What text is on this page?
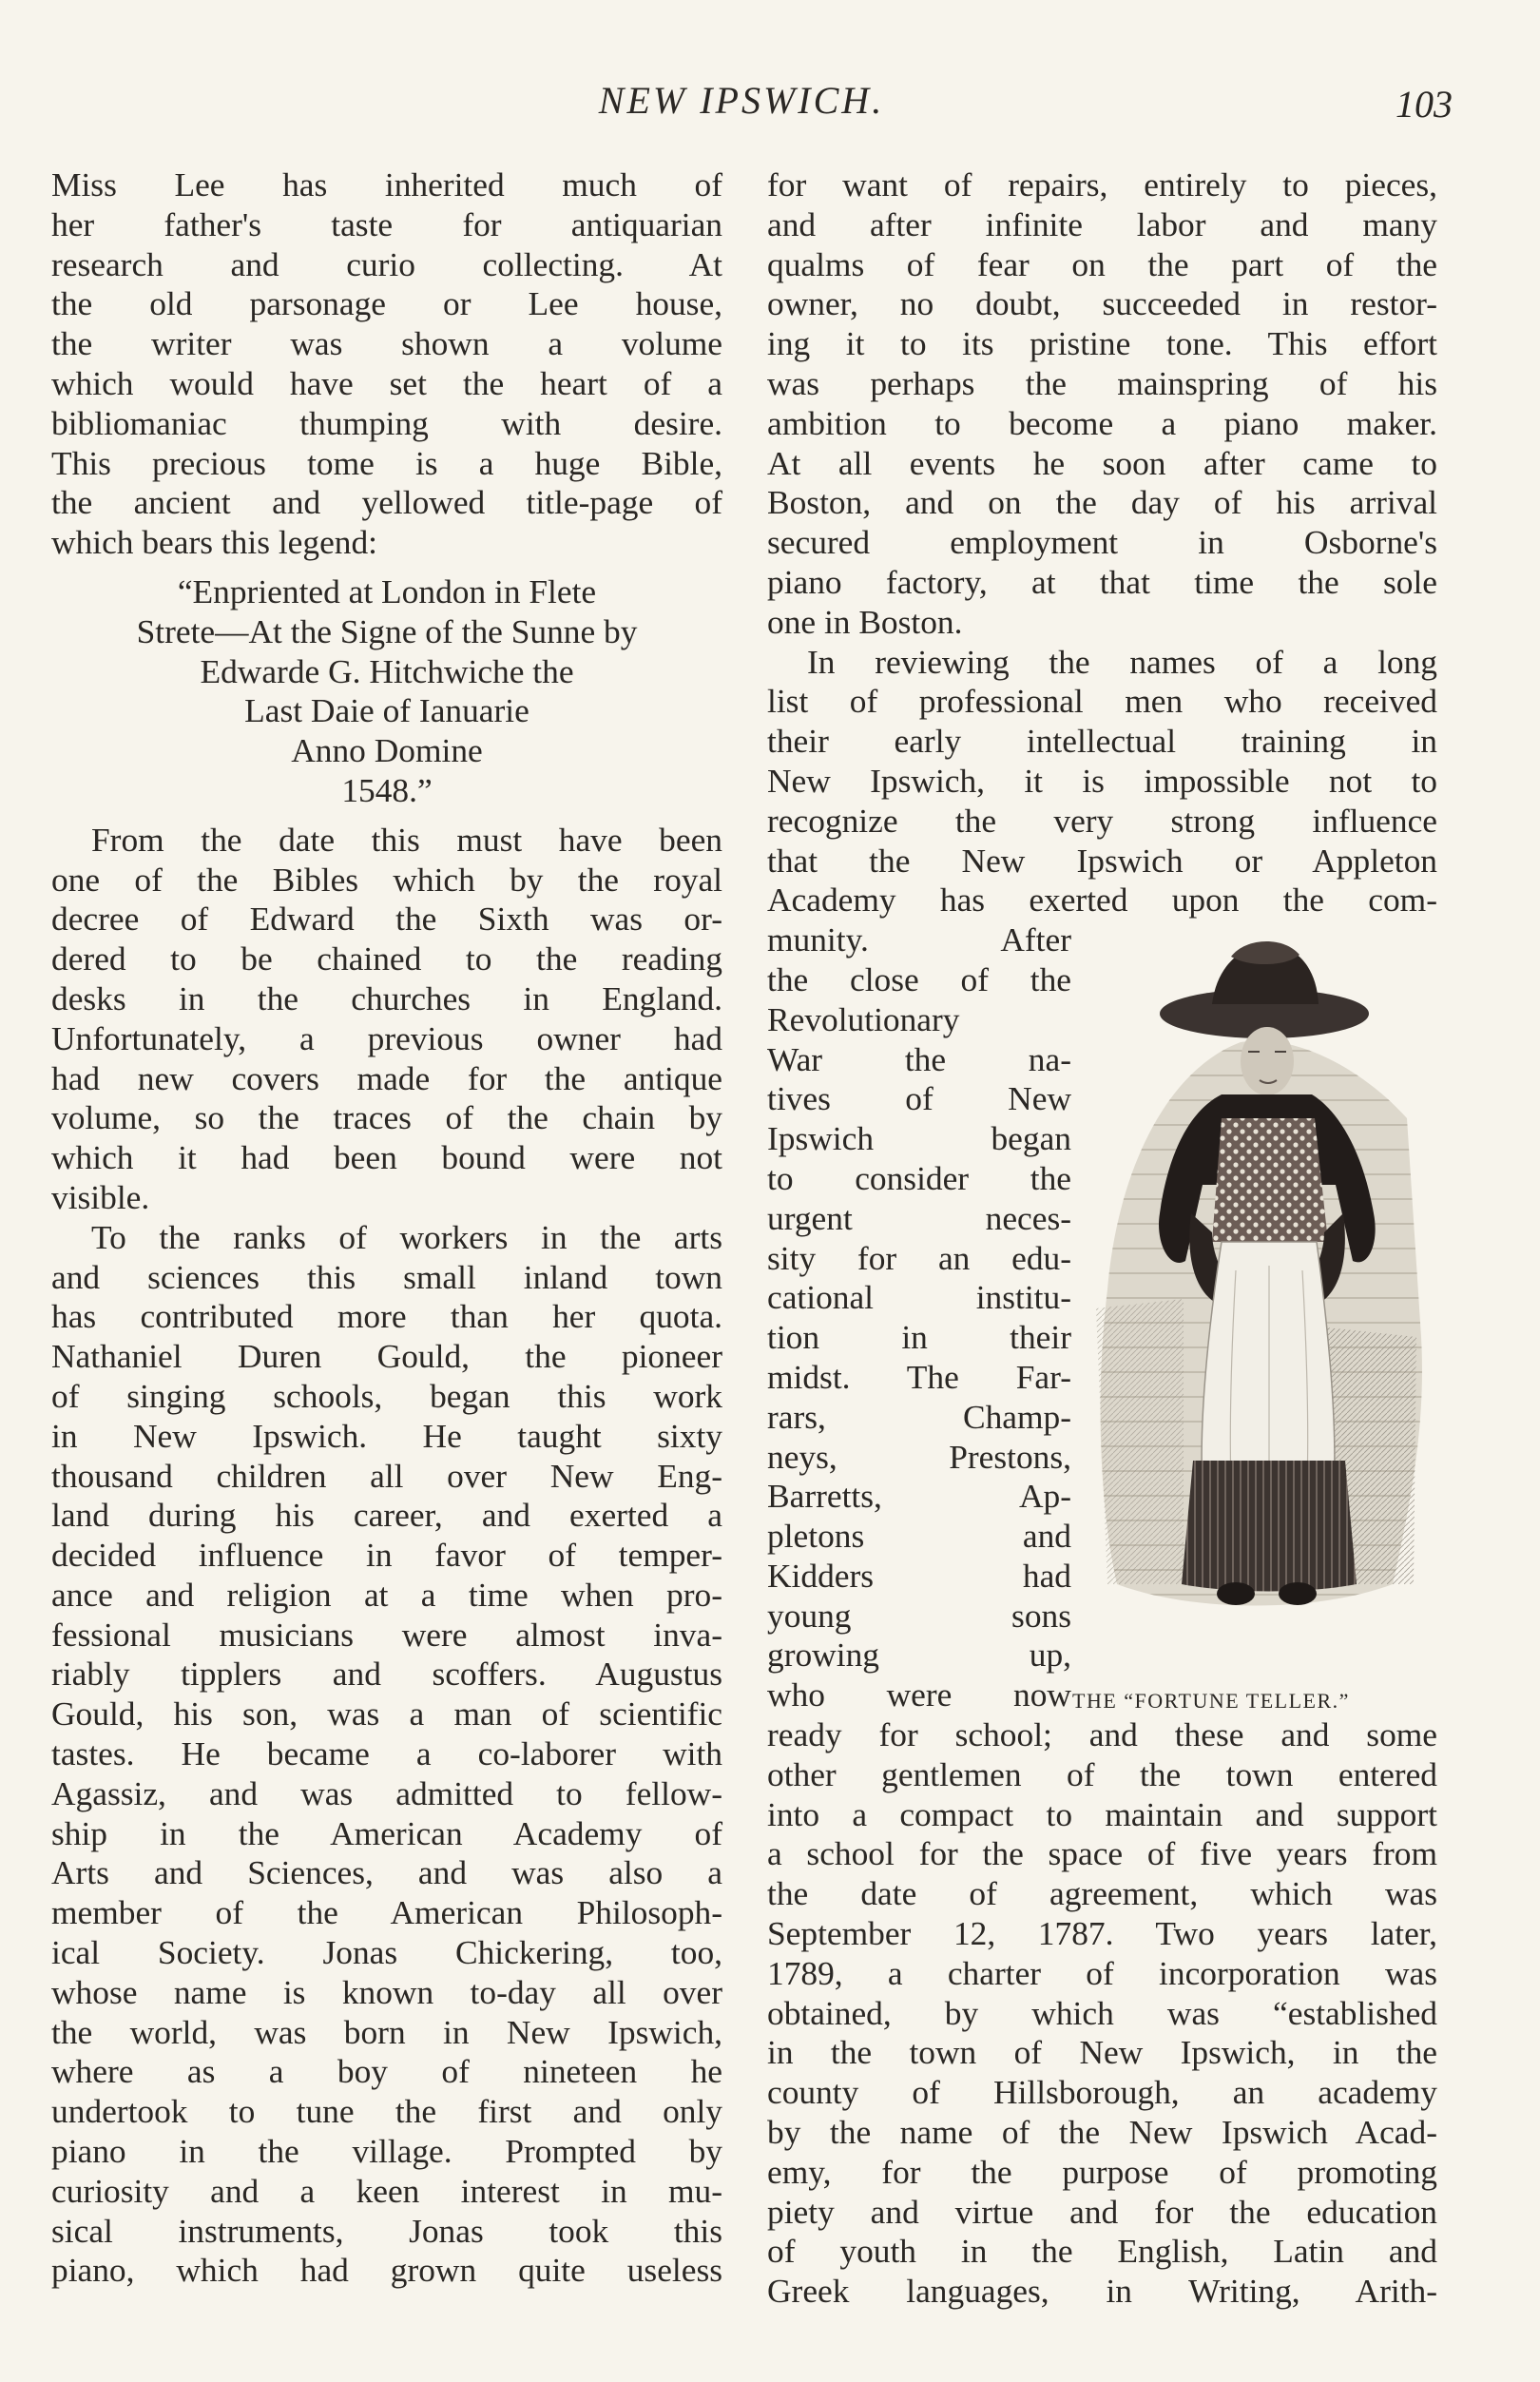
NEW IPSWICH.	103
Miss Lee has inherited much of
her father's taste for antiquarian
research and curio collecting. At
the old parsonage or Lee house,
the writer was shown a volume
which would have set the heart of a
bibliomaniac thumping with desire.
This precious tome is a huge Bible,
the ancient and yellowed title-page of
which bears this legend:
“Enpriented at London in Flete
Strete—At the Signe of the Sunne by
Edwarde G. Hitchwiche the
Last Daie of Ianuarie
Anno Domine
1548.”
From the date this must have been
one of the Bibles which by the royal
decree of Edward the Sixth was or-
dered to be chained to the reading
desks in the churches in England.
Unfortunately, a previous owner had
had new covers made for the antique
volume, so the traces of the chain by
which it had been bound were not
visible.
To the ranks of workers in the arts
and sciences this small inland town
has contributed more than her quota.
Nathaniel Duren Gould, the pioneer
of singing schools, began this work
in New Ipswich. He taught sixty
thousand children all over New Eng-
land during his career, and exerted a
decided influence in favor of temper-
ance and religion at a time when pro-
fessional musicians were almost inva-
riably tipplers and scoffers. Augustus
Gould, his son, was a man of scientific
tastes. He became a co-laborer with
Agassiz, and was admitted to fellow-
ship in the American Academy of
Arts and Sciences, and was also a
member of the American Philosoph-
ical Society. Jonas Chickering, too,
whose name is known to-day all over
the world, was born in New Ipswich,
where as a boy of nineteen he
undertook to tune the first and only
piano in the village. Prompted by
curiosity and a keen interest in mu-
sical instruments, Jonas took this
piano, which had grown quite useless
for want of repairs, entirely to pieces,
and after infinite labor and many
qualms of fear on the part of the
owner, no doubt, succeeded in restor-
ing it to its pristine tone. This effort
was perhaps the mainspring of his
ambition to become a piano maker.
At all events he soon after came to
Boston, and on the day of his arrival
secured employment in Osborne's
piano factory, at that time the sole
one in Boston.
In reviewing the names of a long
list of professional men who received
their early intellectual training in
New Ipswich, it is impossible not to
recognize the very strong influence
that the New Ipswich or Appleton
Academy has exerted upon the com-
munity. After
the close of the
Revolutionary
War the na-
tives of New
Ipswich began
to consider the
urgent neces-
sity for an edu-
cational institu-
tion in their
midst. The Far-
rars, Champ-
neys, Prestons,
Barretts, Ap-
pletons and
Kidders had
young sons
growing up,
who were now
ready for school; and these and some
other gentlemen of the town entered
into a compact to maintain and support
a school for the space of five years from
the date of agreement, which was
September 12, 1787. Two years later,
1789, a charter of incorporation was
obtained, by which was “established
in the town of New Ipswich, in the
county of Hillsborough, an academy
by the name of the New Ipswich Acad-
emy, for the purpose of promoting
piety and virtue and for the education
of youth in the English, Latin and
Greek languages, in Writing, Arith-
THE “FORTUNE TELLER.”
